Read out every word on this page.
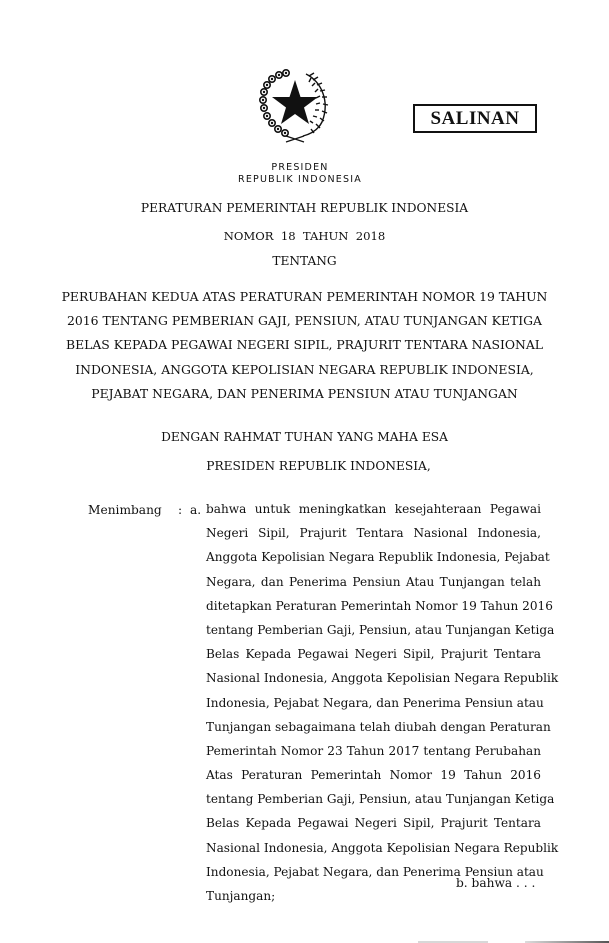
SALINAN
PRESIDEN
REPUBLIK INDONESIA
PERATURAN PEMERINTAH REPUBLIK INDONESIA
NOMOR  18  TAHUN  2018
TENTANG
PERUBAHAN KEDUA ATAS PERATURAN PEMERINTAH NOMOR 19 TAHUN
2016 TENTANG PEMBERIAN GAJI, PENSIUN, ATAU TUNJANGAN KETIGA
BELAS KEPADA PEGAWAI NEGERI SIPIL, PRAJURIT TENTARA NASIONAL
INDONESIA, ANGGOTA KEPOLISIAN NEGARA REPUBLIK INDONESIA,
PEJABAT NEGARA, DAN PENERIMA PENSIUN ATAU TUNJANGAN
DENGAN RAHMAT TUHAN YANG MAHA ESA
PRESIDEN REPUBLIK INDONESIA,
Menimbang : a. bahwa untuk meningkatkan kesejahteraan Pegawai
Negeri Sipil, Prajurit Tentara Nasional Indonesia,
Anggota Kepolisian Negara Republik Indonesia, Pejabat
Negara, dan Penerima Pensiun Atau Tunjangan telah
ditetapkan Peraturan Pemerintah Nomor 19 Tahun 2016
tentang Pemberian Gaji, Pensiun, atau Tunjangan Ketiga
Belas Kepada Pegawai Negeri Sipil, Prajurit Tentara
Nasional Indonesia, Anggota Kepolisian Negara Republik
Indonesia, Pejabat Negara, dan Penerima Pensiun atau
Tunjangan sebagaimana telah diubah dengan Peraturan
Pemerintah Nomor 23 Tahun 2017 tentang Perubahan
Atas Peraturan Pemerintah Nomor 19 Tahun 2016
tentang Pemberian Gaji, Pensiun, atau Tunjangan Ketiga
Belas Kepada Pegawai Negeri Sipil, Prajurit Tentara
Nasional Indonesia, Anggota Kepolisian Negara Republik
Indonesia, Pejabat Negara, dan Penerima Pensiun atau
Tunjangan;
b. bahwa . . .
